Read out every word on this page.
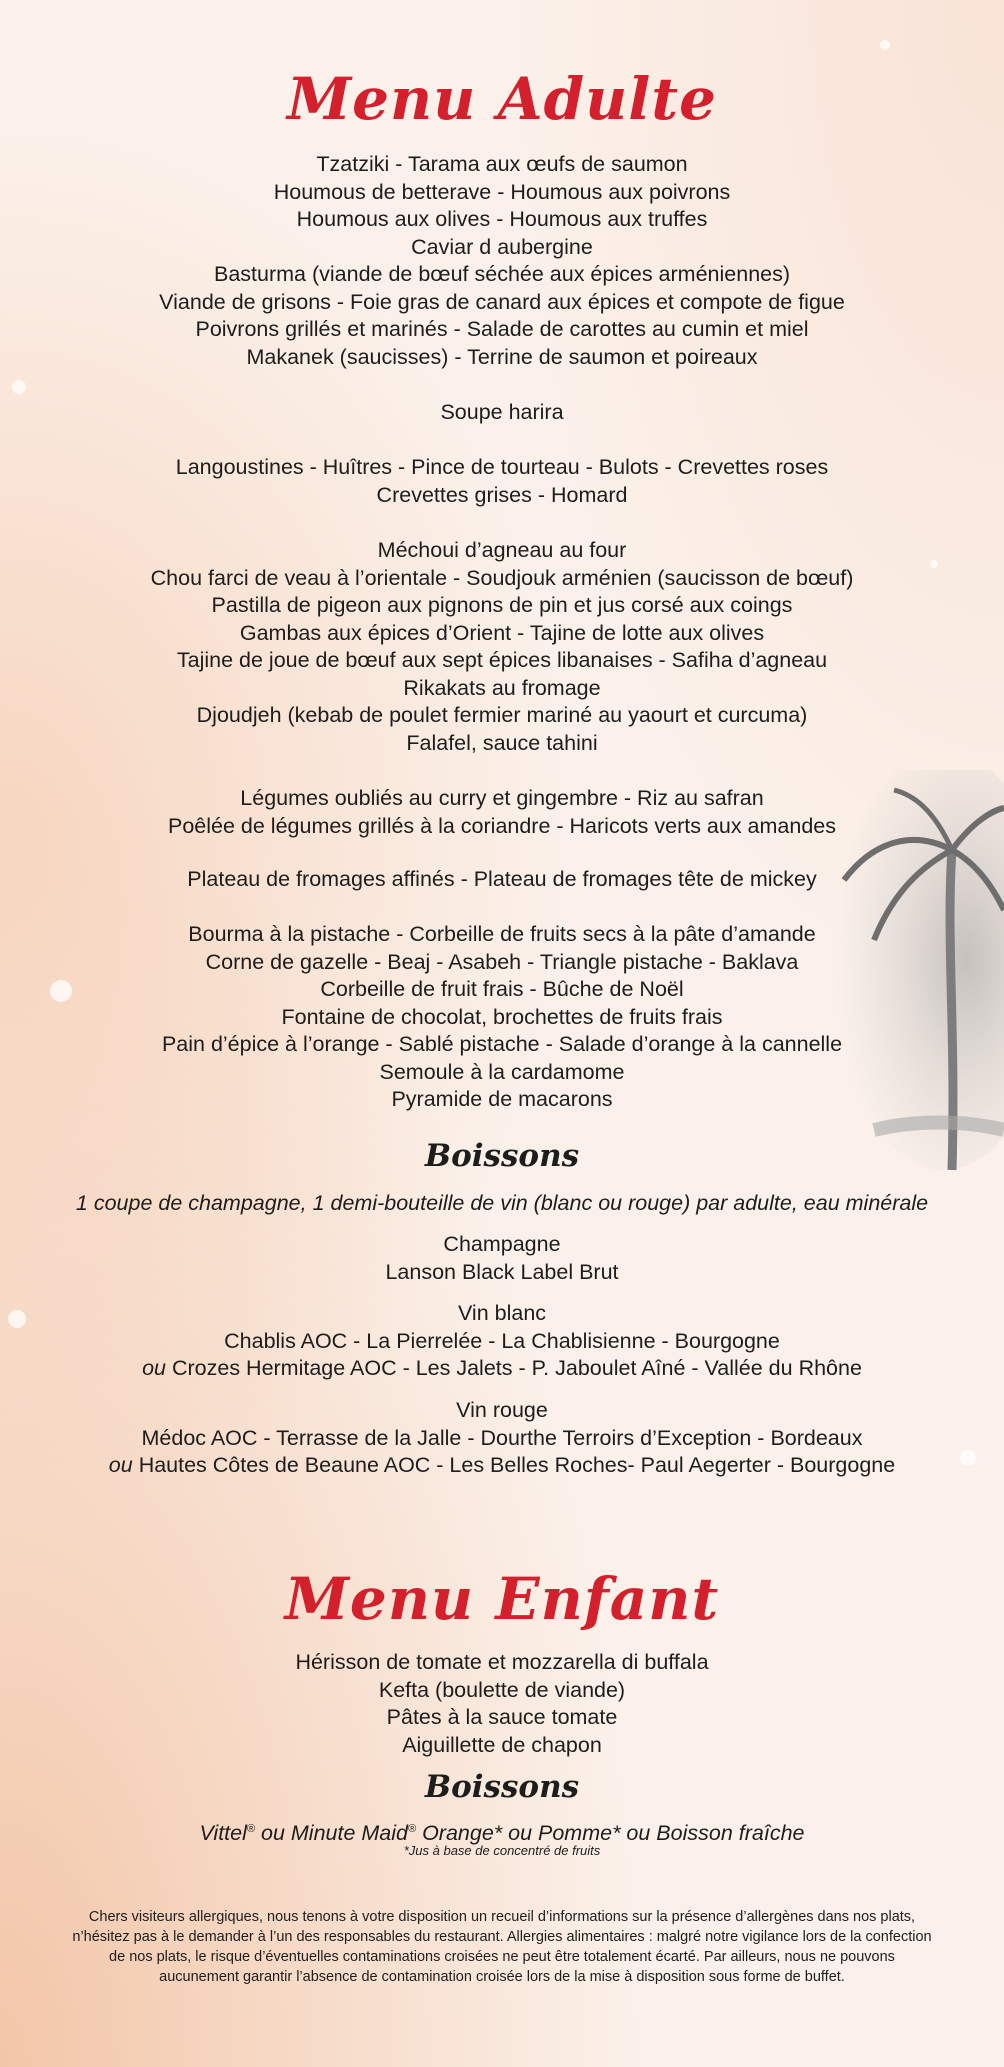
Menu Adulte
Tzatziki - Tarama aux œufs de saumon
Houmous de betterave - Houmous aux poivrons
Houmous aux olives - Houmous aux truffes
Caviar d aubergine
Basturma (viande de bœuf séchée aux épices arméniennes)
Viande de grisons - Foie gras de canard aux épices et compote de figue
Poivrons grillés et marinés - Salade de carottes au cumin et miel
Makanek (saucisses) - Terrine de saumon et poireaux
Soupe harira
Langoustines - Huîtres - Pince de tourteau - Bulots - Crevettes roses
Crevettes grises - Homard
Méchoui d’agneau au four
Chou farci de veau à l’orientale - Soudjouk arménien (saucisson de bœuf)
Pastilla de pigeon aux pignons de pin et jus corsé aux coings
Gambas aux épices d’Orient - Tajine de lotte aux olives
Tajine de joue de bœuf aux sept épices libanaises - Safiha d’agneau
Rikakats au fromage
Djoudjeh (kebab de poulet fermier mariné au yaourt et curcuma)
Falafel, sauce tahini
Légumes oubliés au curry et gingembre - Riz au safran
Poêlée de légumes grillés à la coriandre - Haricots verts aux amandes
Plateau de fromages affinés - Plateau de fromages tête de mickey
Bourma à la pistache - Corbeille de fruits secs à la pâte d’amande
Corne de gazelle - Beaj - Asabeh - Triangle pistache - Baklava
Corbeille de fruit frais - Bûche de Noël
Fontaine de chocolat, brochettes de fruits frais
Pain d’épice à l’orange - Sablé pistache - Salade d’orange à la cannelle
Semoule à la cardamome
Pyramide de macarons
Boissons
1 coupe de champagne, 1 demi-bouteille de vin (blanc ou rouge) par adulte, eau minérale
Champagne
Lanson Black Label Brut
Vin blanc
Chablis AOC - La Pierrelée - La Chablisienne - Bourgogne
ou Crozes Hermitage AOC - Les Jalets - P. Jaboulet Aîné - Vallée du Rhône
Vin rouge
Médoc AOC - Terrasse de la Jalle - Dourthe Terroirs d’Exception - Bordeaux
ou Hautes Côtes de Beaune AOC - Les Belles Roches- Paul Aegerter - Bourgogne
Menu Enfant
Hérisson de tomate et mozzarella di buffala
Kefta (boulette de viande)
Pâtes à la sauce tomate
Aiguillette de chapon
Boissons
Vittel® ou Minute Maid® Orange* ou Pomme* ou Boisson fraîche
*Jus à base de concentré de fruits
Chers visiteurs allergiques, nous tenons à votre disposition un recueil d’informations sur la présence d’allergènes dans nos plats, n’hésitez pas à le demander à l’un des responsables du restaurant. Allergies alimentaires : malgré notre vigilance lors de la confection de nos plats, le risque d’éventuelles contaminations croisées ne peut être totalement écarté. Par ailleurs, nous ne pouvons aucunement garantir l’absence de contamination croisée lors de la mise à disposition sous forme de buffet.
